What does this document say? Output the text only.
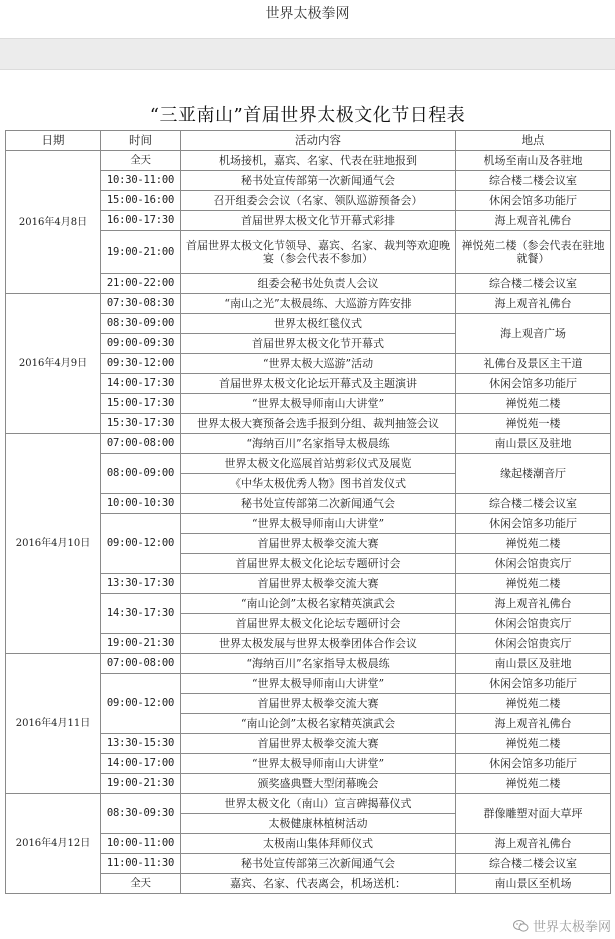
世界太极拳网
“三亚南山”首届世界太极文化节日程表
日期	时间	活动内容	地点
2016年4月8日	全天	机场接机，嘉宾、名家、代表在驻地报到	机场至南山及各驻地
	10:30-11:00	秘书处宣传部第一次新闻通气会	综合楼二楼会议室
	15:00-16:00	召开组委会会议（名家、领队巡游预备会）	休闲会馆多功能厅
	16:00-17:30	首届世界太极文化节开幕式彩排	海上观音礼佛台
	19:00-21:00	首届世界太极文化节领导、嘉宾、名家、裁判等欢迎晚宴（参会代表不参加）	禅悦苑二楼（参会代表在驻地就餐）
	21:00-22:00	组委会秘书处负责人会议	综合楼二楼会议室
2016年4月9日	07:30-08:30	“南山之光”太极晨练、大巡游方阵安排	海上观音礼佛台
	08:30-09:00	世界太极红毯仪式	海上观音广场
	09:00-09:30	首届世界太极文化节开幕式	
	09:30-12:00	“世界太极大巡游”活动	礼佛台及景区主干道
	14:00-17:30	首届世界太极文化论坛开幕式及主题演讲	休闲会馆多功能厅
	15:00-17:30	“世界太极导师南山大讲堂”	禅悦苑二楼
	15:30-17:30	世界太极大赛预备会选手报到分组、裁判抽签会议	禅悦苑一楼
2016年4月10日	07:00-08:00	“海纳百川”名家指导太极晨练	南山景区及驻地
	08:00-09:00	世界太极文化巡展首站剪彩仪式及展览	缘起楼潮音厅
		《中华太极优秀人物》图书首发仪式	
	10:00-10:30	秘书处宣传部第二次新闻通气会	综合楼二楼会议室
	09:00-12:00	“世界太极导师南山大讲堂”	休闲会馆多功能厅
		首届世界太极拳交流大赛	禅悦苑二楼
		首届世界太极文化论坛专题研讨会	休闲会馆贵宾厅
	13:30-17:30	首届世界太极拳交流大赛	禅悦苑二楼
	14:30-17:30	“南山论剑”太极名家精英演武会	海上观音礼佛台
		首届世界太极文化论坛专题研讨会	休闲会馆贵宾厅
	19:00-21:30	世界太极发展与世界太极拳团体合作会议	休闲会馆贵宾厅
2016年4月11日	07:00-08:00	“海纳百川”名家指导太极晨练	南山景区及驻地
	09:00-12:00	“世界太极导师南山大讲堂”	休闲会馆多功能厅
		首届世界太极拳交流大赛	禅悦苑二楼
		“南山论剑”太极名家精英演武会	海上观音礼佛台
	13:30-15:30	首届世界太极拳交流大赛	禅悦苑二楼
	14:00-17:00	“世界太极导师南山大讲堂”	休闲会馆多功能厅
	19:00-21:30	颁奖盛典暨大型闭幕晚会	禅悦苑二楼
2016年4月12日	08:30-09:30	世界太极文化（南山）宣言碑揭幕仪式	群像雕塑对面大草坪
		太极健康林植树活动	
	10:00-11:00	太极南山集体拜师仪式	海上观音礼佛台
	11:00-11:30	秘书处宣传部第三次新闻通气会	综合楼二楼会议室
	全天	嘉宾、名家、代表离会，机场送机：	南山景区至机场
世界太极拳网
